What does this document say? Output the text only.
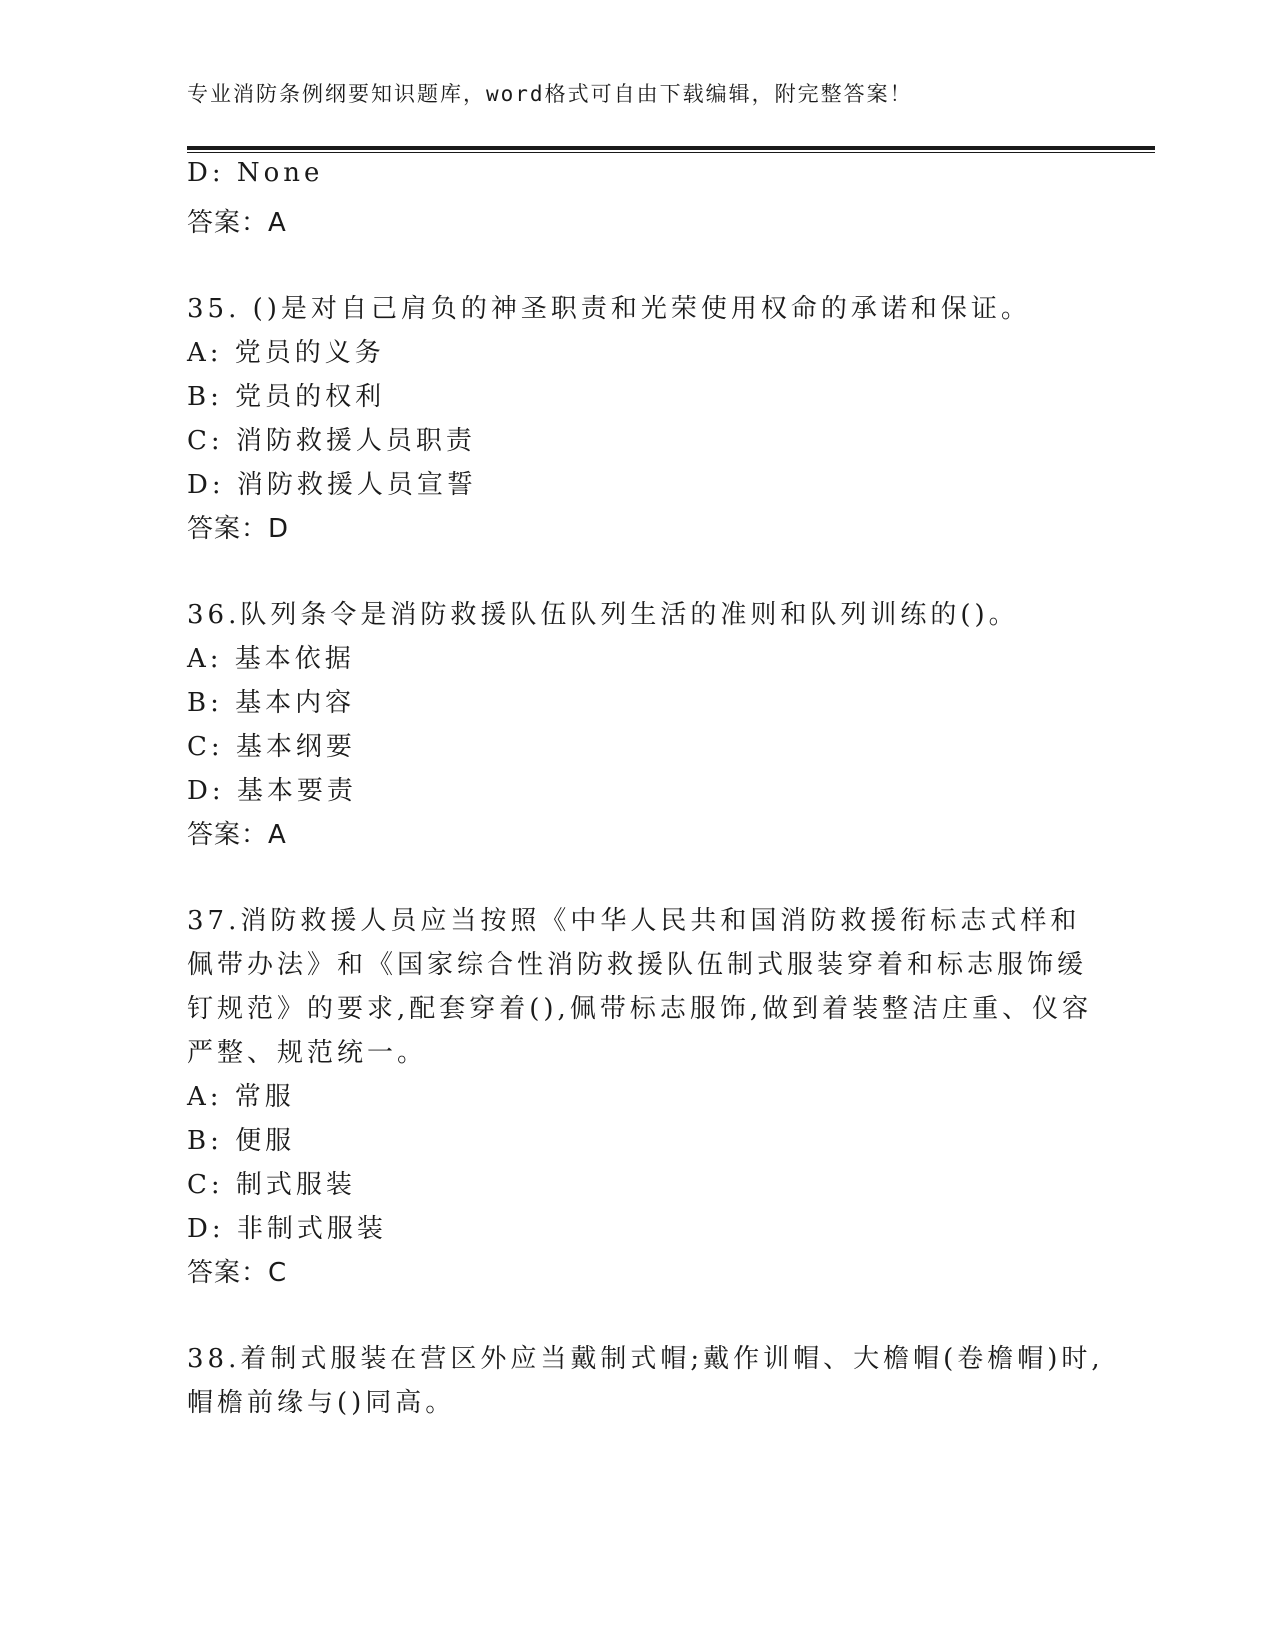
专业消防条例纲要知识题库，word格式可自由下载编辑，附完整答案！
D: None
答案：A
35. ()是对自己肩负的神圣职责和光荣使用权命的承诺和保证。
A: 党员的义务
B: 党员的权利
C: 消防救援人员职责
D: 消防救援人员宣誓
答案：D
36.队列条令是消防救援队伍队列生活的准则和队列训练的()。
A: 基本依据
B: 基本内容
C: 基本纲要
D: 基本要责
答案：A
37.消防救援人员应当按照《中华人民共和国消防救援衔标志式样和
佩带办法》和《国家综合性消防救援队伍制式服装穿着和标志服饰缓
钉规范》的要求,配套穿着(),佩带标志服饰,做到着装整洁庄重、仪容
严整、规范统一。
A: 常服
B: 便服
C: 制式服装
D: 非制式服装
答案：C
38.着制式服装在营区外应当戴制式帽;戴作训帽、大檐帽(卷檐帽)时,
帽檐前缘与()同高。
